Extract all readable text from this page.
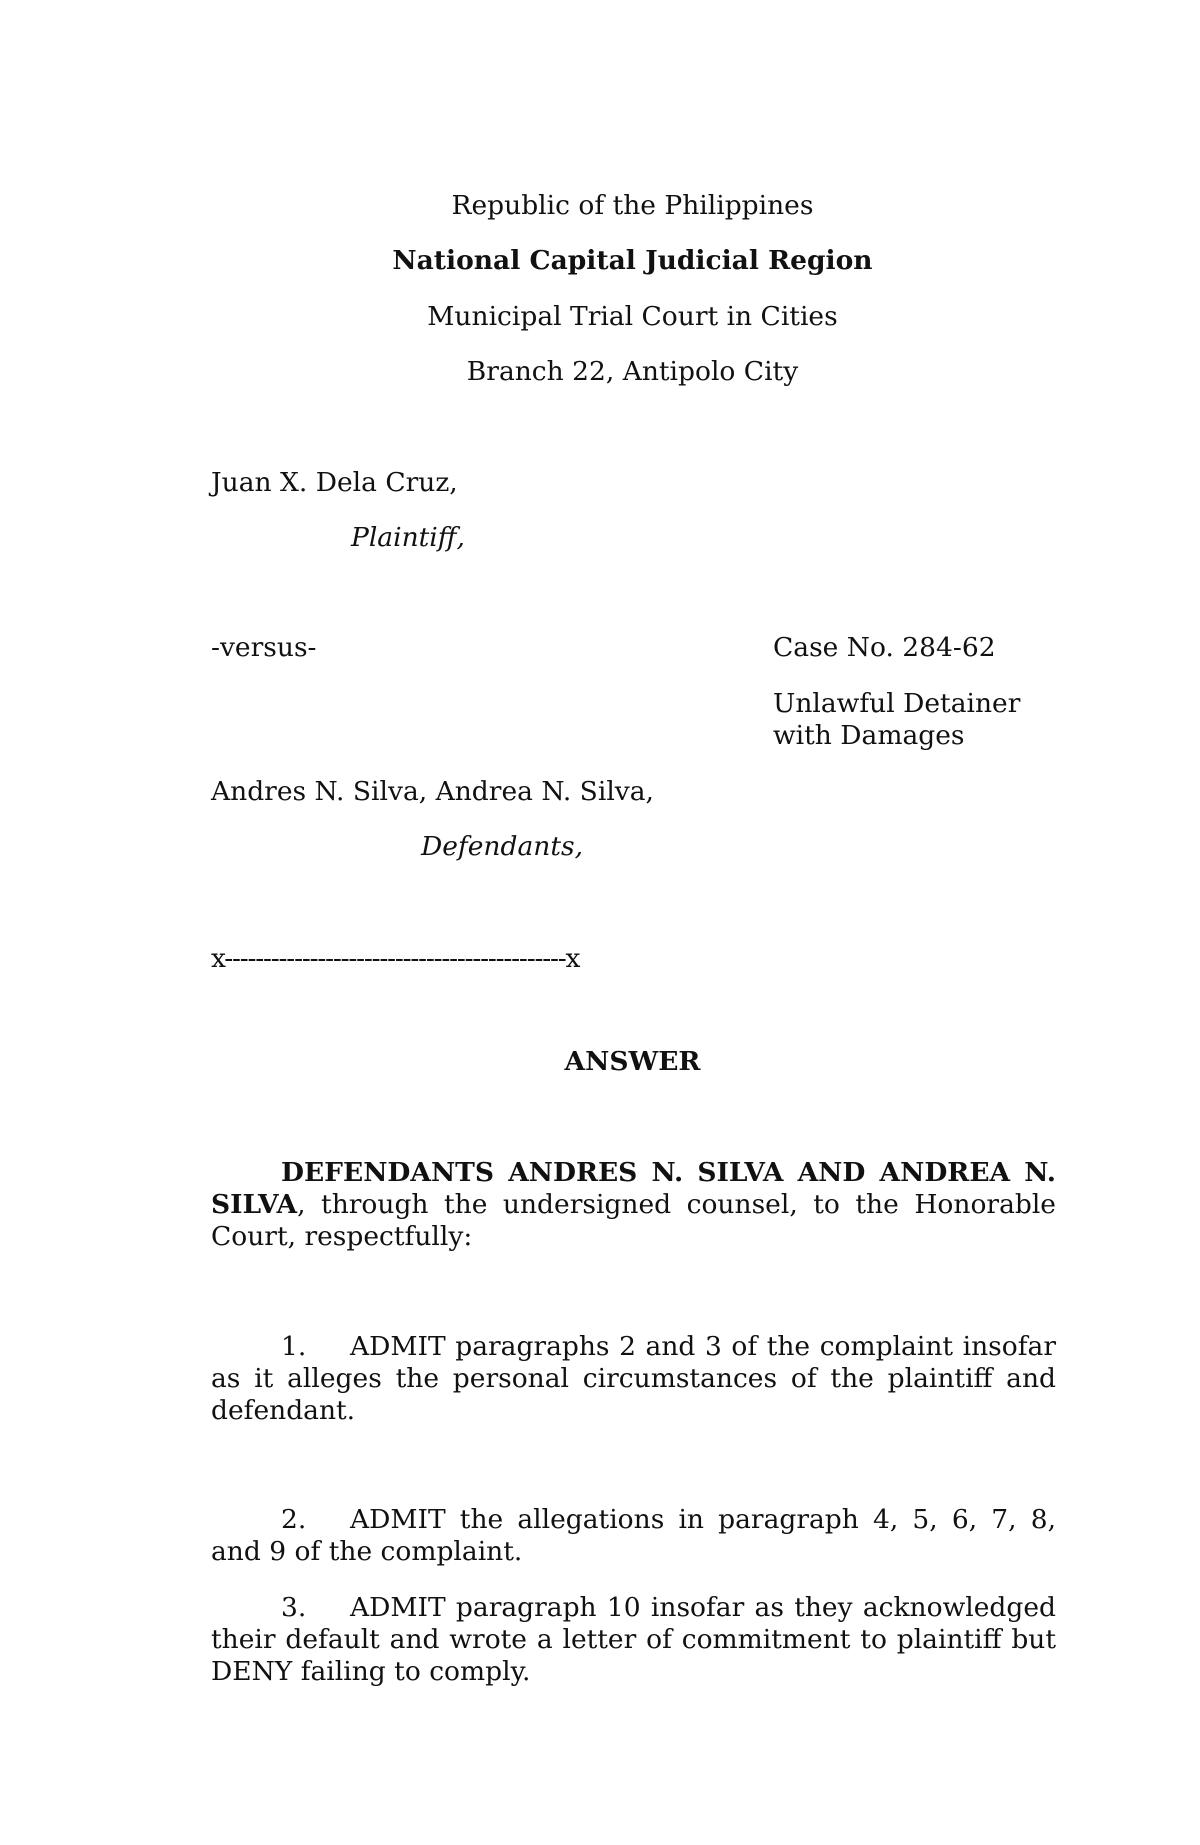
Republic of the Philippines
National Capital Judicial Region
Municipal Trial Court in Cities
Branch 22, Antipolo City
Juan X. Dela Cruz,
Plaintiff,
-versus-	Case No. 284-62
Unlawful Detainer with Damages
Andres N. Silva, Andrea N. Silva,
Defendants,
x--------------------------------------------x
ANSWER
DEFENDANTS ANDRES N. SILVA AND ANDREA N. SILVA, through the undersigned counsel, to the Honorable Court, respectfully:
1. ADMIT paragraphs 2 and 3 of the complaint insofar as it alleges the personal circumstances of the plaintiff and defendant.
2. ADMIT the allegations in paragraph 4, 5, 6, 7, 8, and 9 of the complaint.
3. ADMIT paragraph 10 insofar as they acknowledged their default and wrote a letter of commitment to plaintiff but DENY failing to comply.
